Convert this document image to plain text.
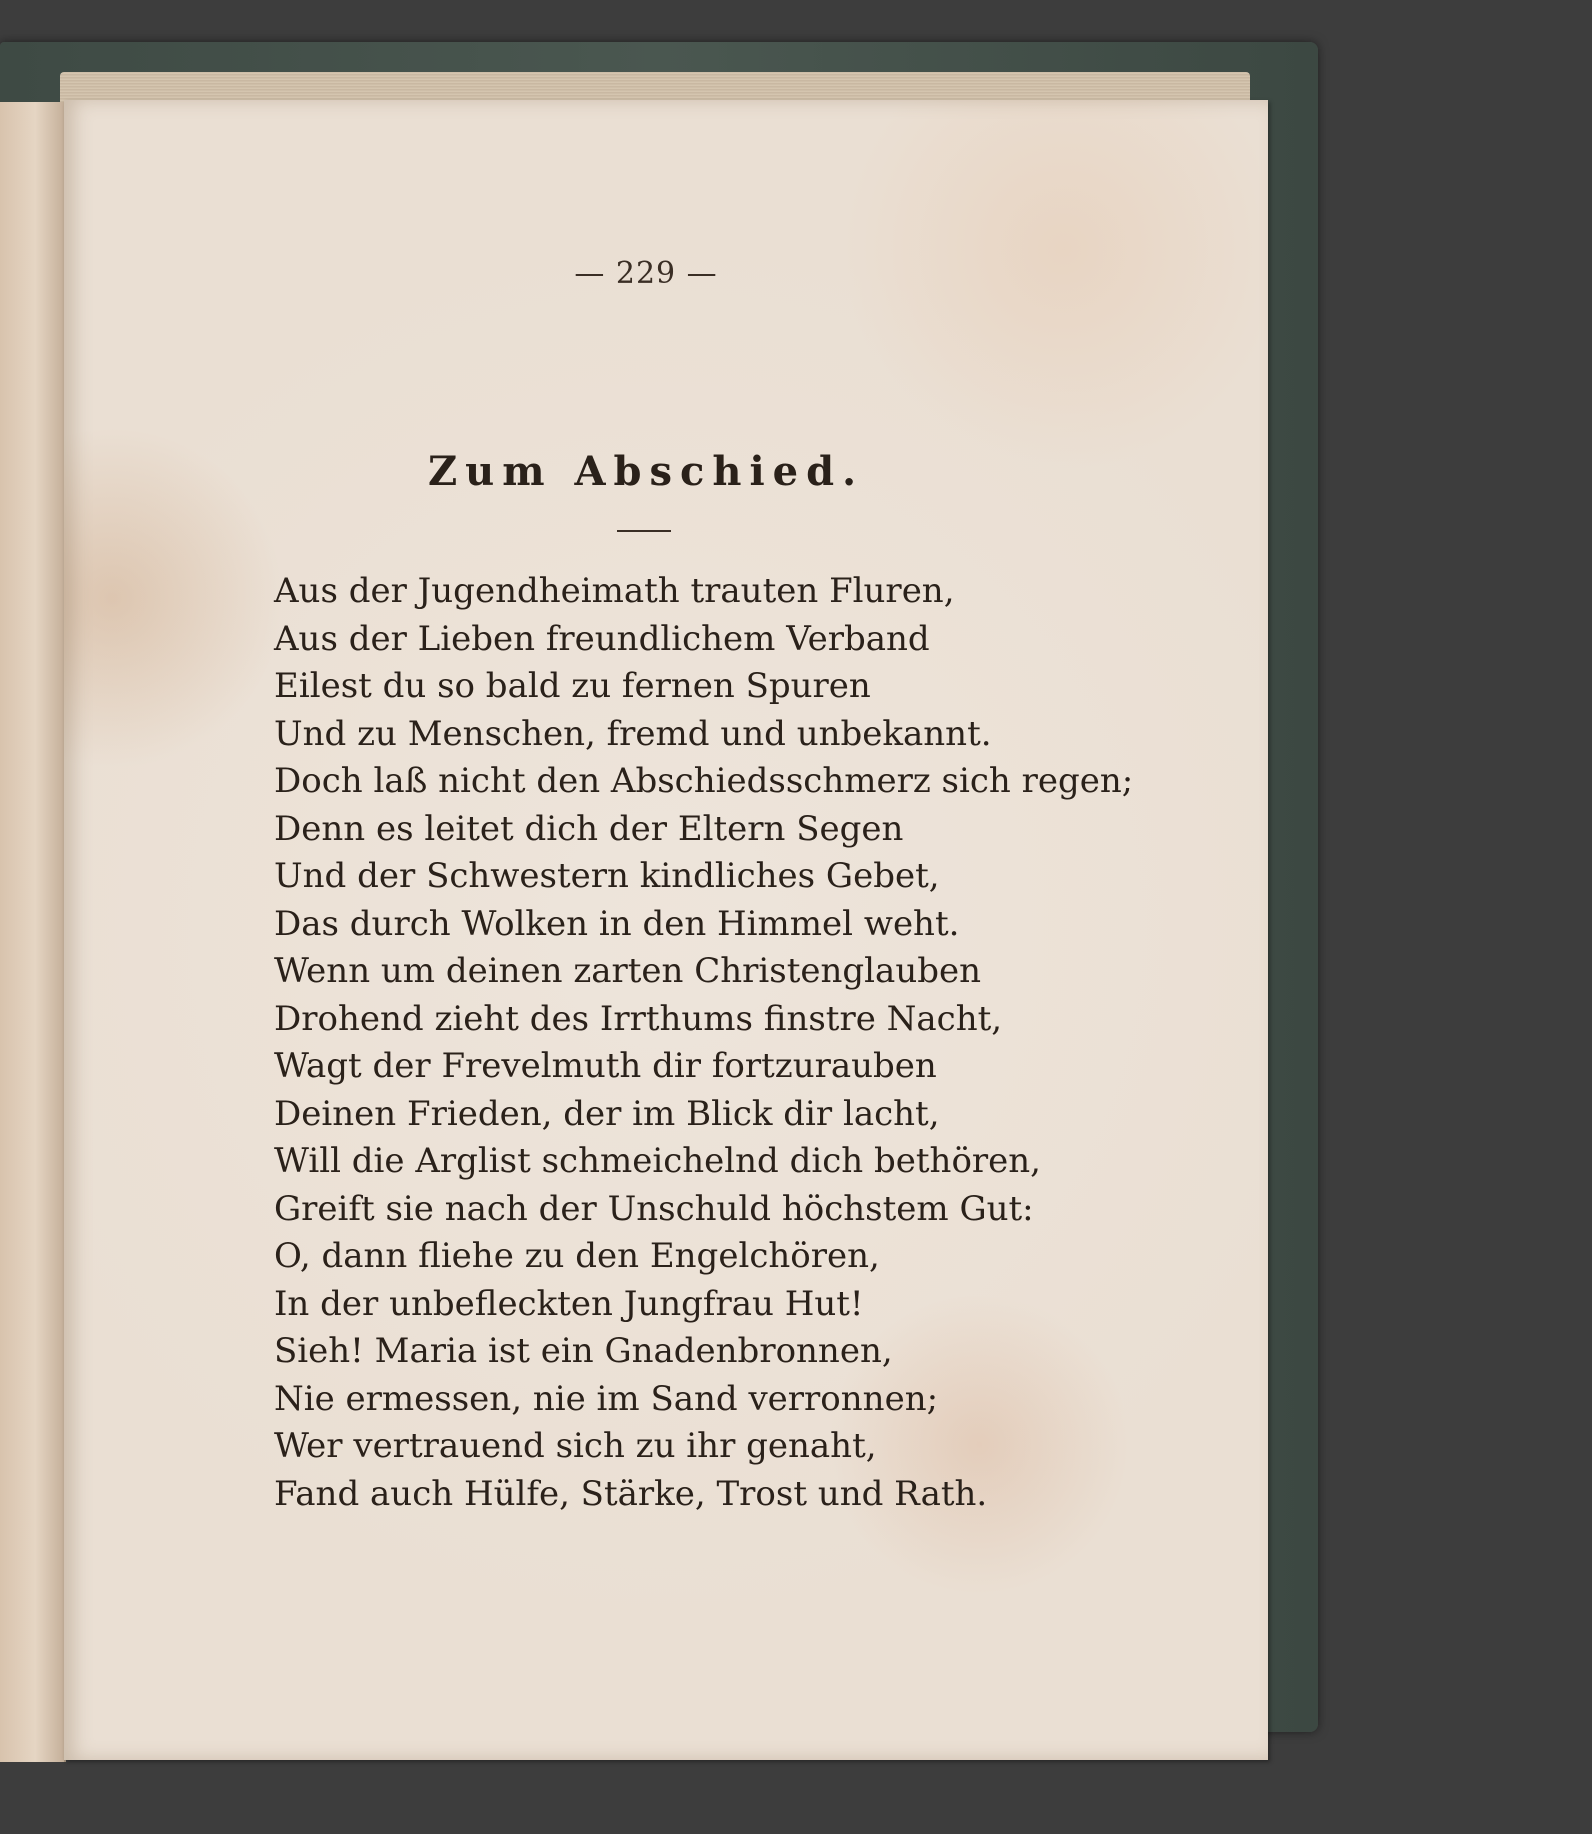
— 229 —
Zum Abschied.
Aus der Jugendheimath trauten Fluren,
Aus der Lieben freundlichem Verband
Eilest du so bald zu fernen Spuren
Und zu Menschen, fremd und unbekannt.
Doch laß nicht den Abschiedsschmerz sich regen;
Denn es leitet dich der Eltern Segen
Und der Schwestern kindliches Gebet,
Das durch Wolken in den Himmel weht.
Wenn um deinen zarten Christenglauben
Drohend zieht des Irrthums finstre Nacht,
Wagt der Frevelmuth dir fortzurauben
Deinen Frieden, der im Blick dir lacht,
Will die Arglist schmeichelnd dich bethören,
Greift sie nach der Unschuld höchstem Gut:
O, dann fliehe zu den Engelchören,
In der unbefleckten Jungfrau Hut!
Sieh! Maria ist ein Gnadenbronnen,
Nie ermessen, nie im Sand verronnen;
Wer vertrauend sich zu ihr genaht,
Fand auch Hülfe, Stärke, Trost und Rath.
